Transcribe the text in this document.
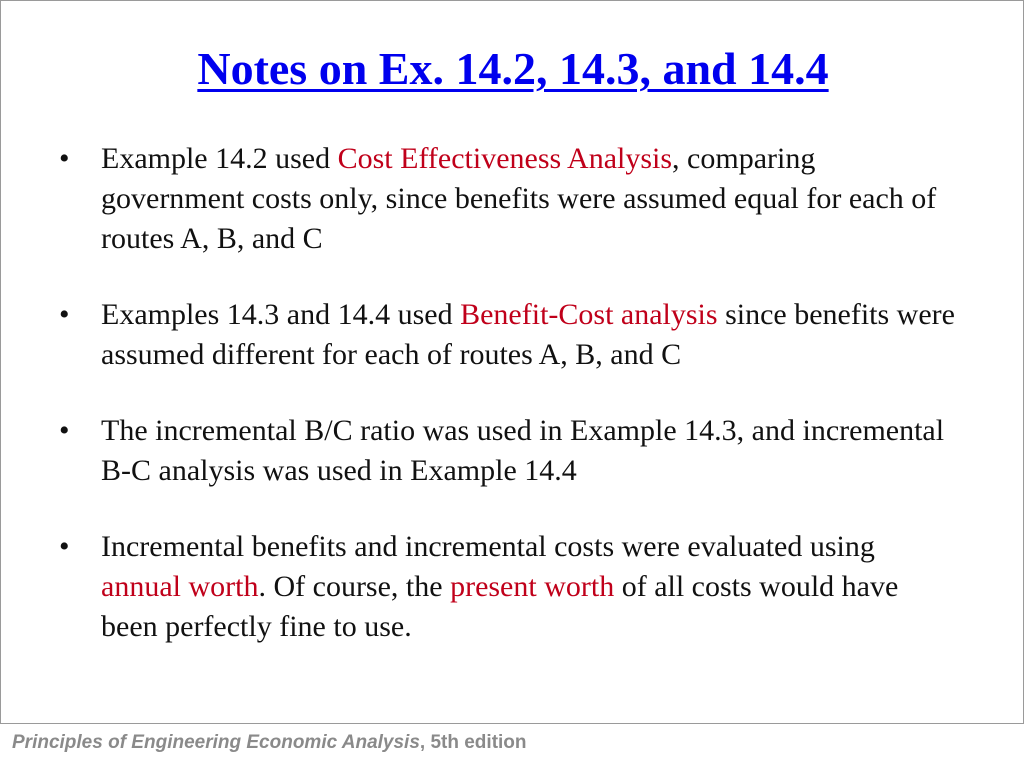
Notes on Ex. 14.2, 14.3, and 14.4
•	Example 14.2 used Cost Effectiveness Analysis, comparing government costs only, since benefits were assumed equal for each of routes A, B, and C
•	Examples 14.3 and 14.4 used Benefit-Cost analysis since benefits were assumed different for each of routes A, B, and C
•	The incremental B/C ratio was used in Example 14.3, and incremental B-C analysis was used in Example 14.4
•	Incremental benefits and incremental costs were evaluated using annual worth. Of course, the present worth of all costs would have been perfectly fine to use.
Principles of Engineering Economic Analysis, 5th edition
